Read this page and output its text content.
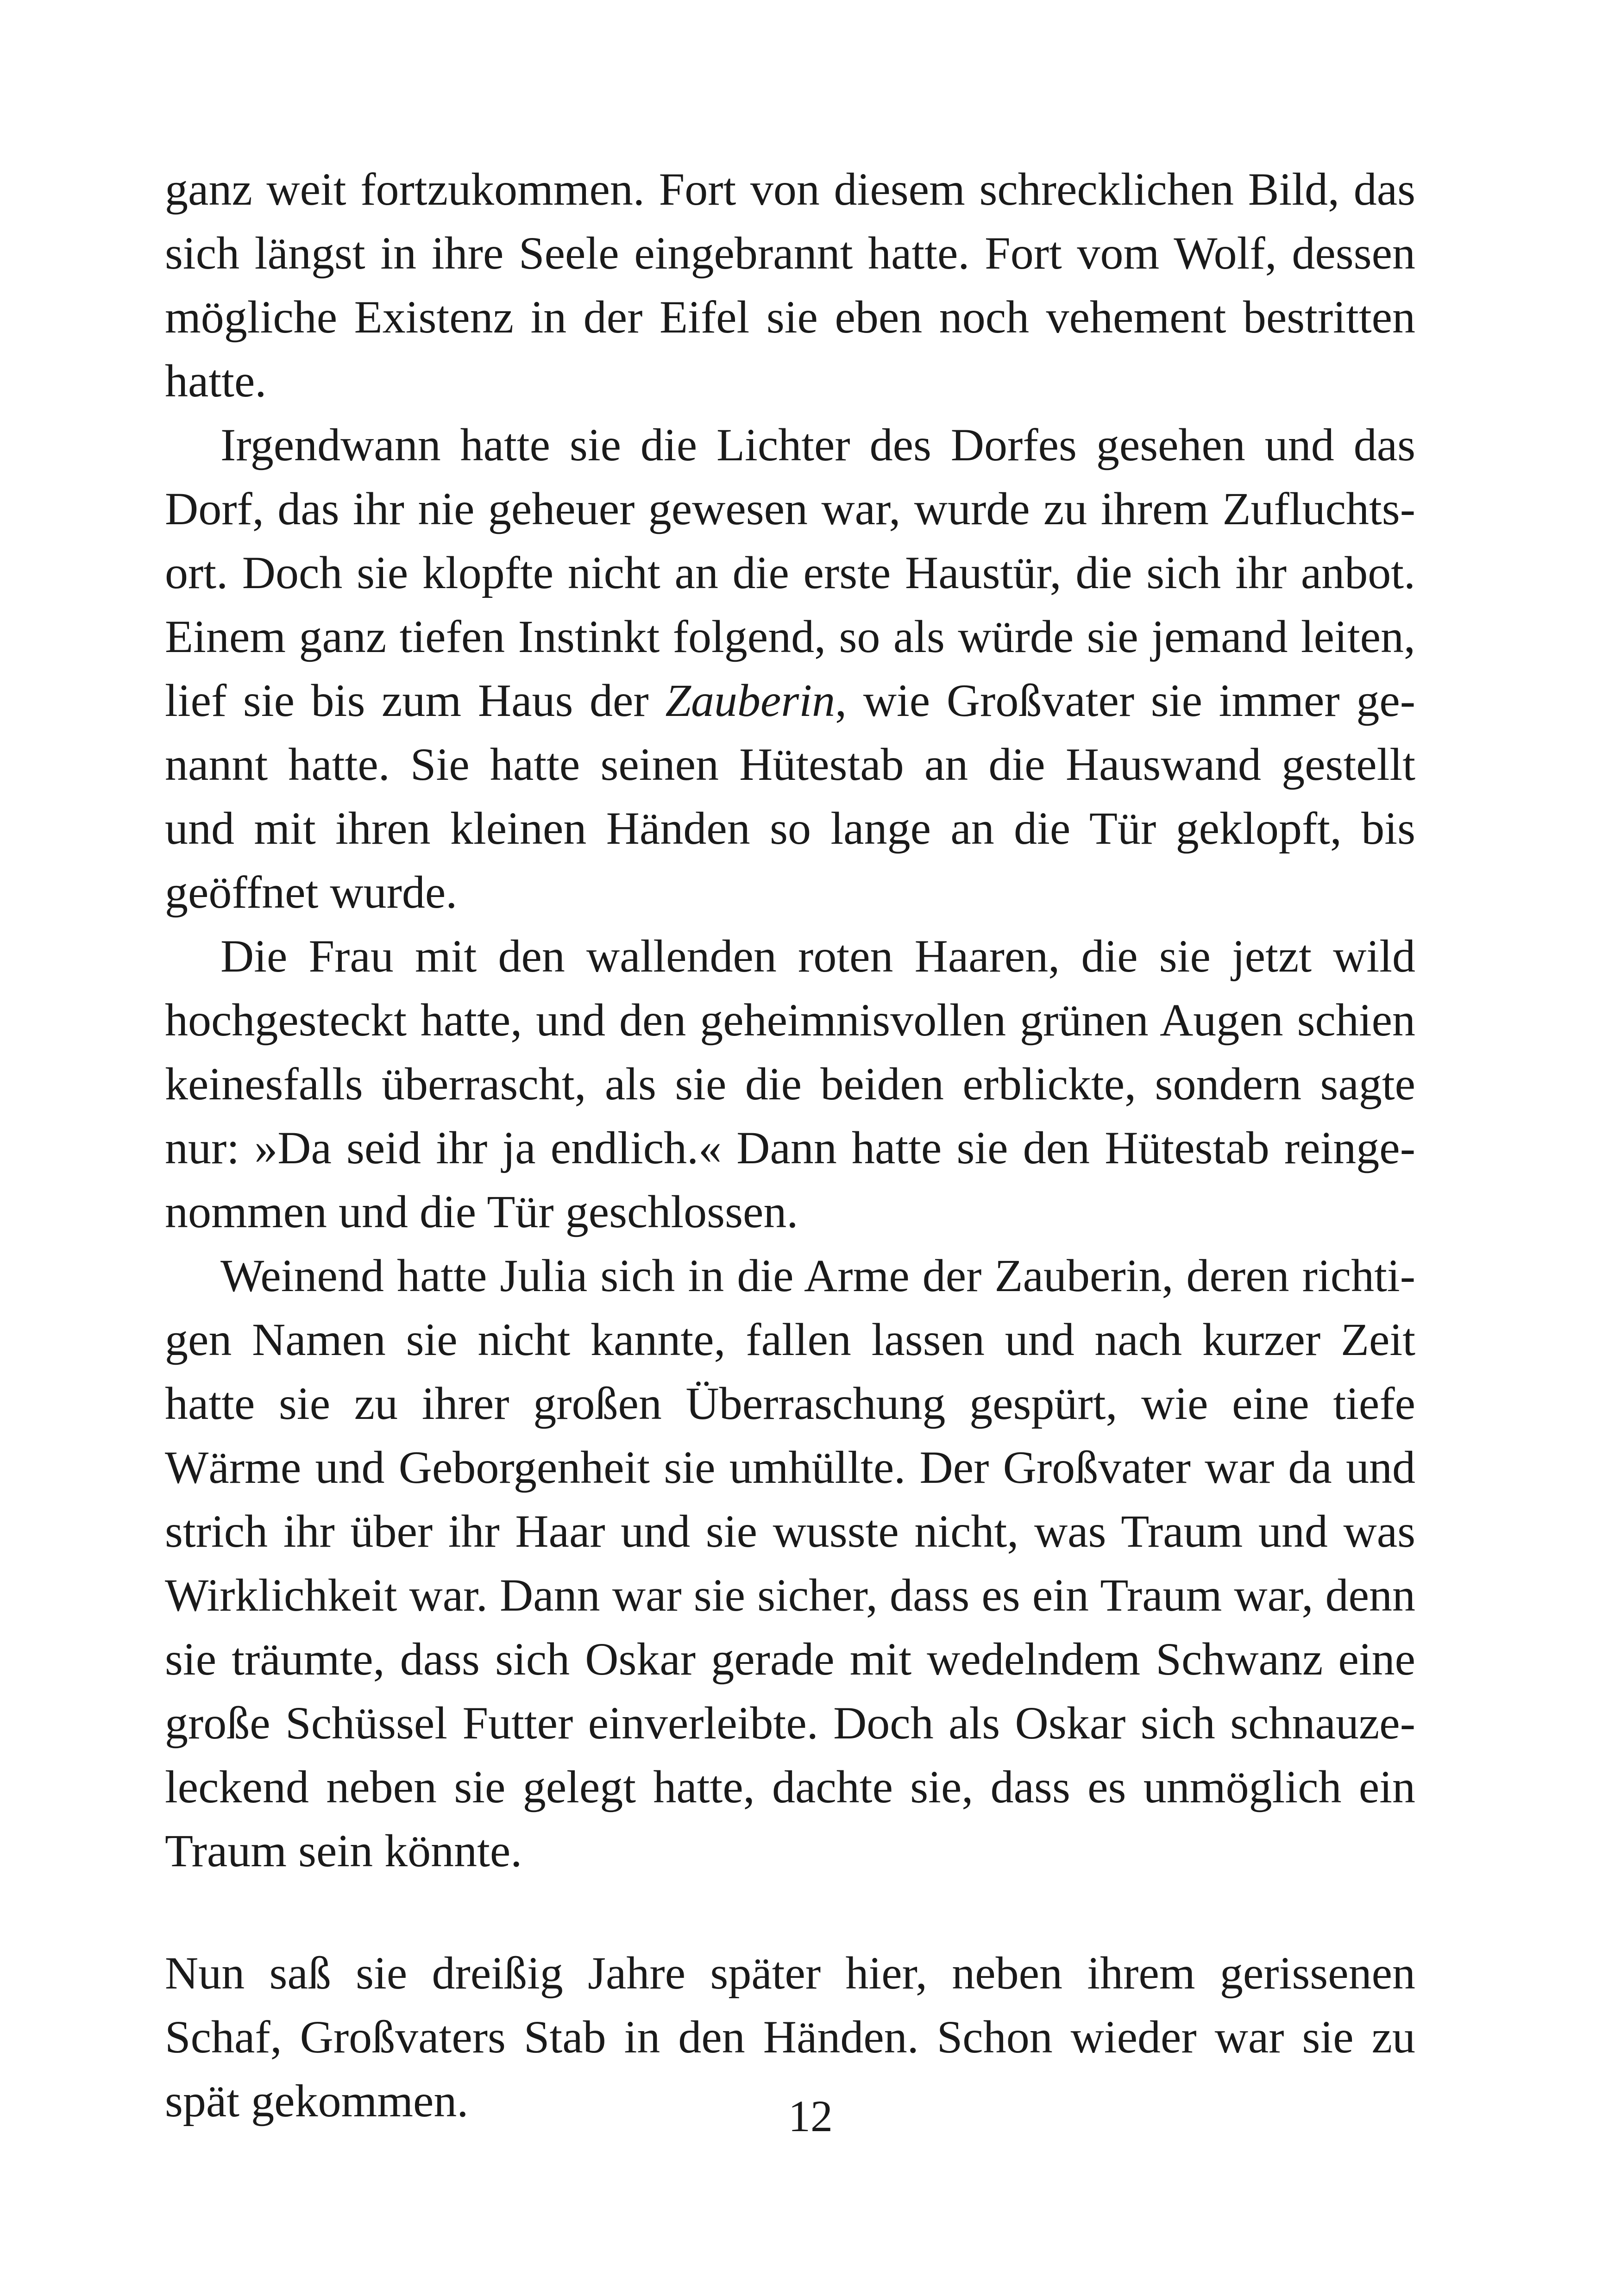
ganz weit fortzukommen. Fort von diesem schrecklichen Bild, das
sich längst in ihre Seele eingebrannt hatte. Fort vom Wolf, dessen
mögliche Existenz in der Eifel sie eben noch vehement bestritten
hatte.
Irgendwann hatte sie die Lichter des Dorfes gesehen und das
Dorf, das ihr nie geheuer gewesen war, wurde zu ihrem Zufluchts-
ort. Doch sie klopfte nicht an die erste Haustür, die sich ihr anbot.
Einem ganz tiefen Instinkt folgend, so als würde sie jemand leiten,
lief sie bis zum Haus der Zauberin, wie Großvater sie immer ge-
nannt hatte. Sie hatte seinen Hütestab an die Hauswand gestellt
und mit ihren kleinen Händen so lange an die Tür geklopft, bis
geöffnet wurde.
Die Frau mit den wallenden roten Haaren, die sie jetzt wild
hochgesteckt hatte, und den geheimnisvollen grünen Augen schien
keinesfalls überrascht, als sie die beiden erblickte, sondern sagte
nur: »Da seid ihr ja endlich.« Dann hatte sie den Hütestab reinge-
nommen und die Tür geschlossen.
Weinend hatte Julia sich in die Arme der Zauberin, deren richti-
gen Namen sie nicht kannte, fallen lassen und nach kurzer Zeit
hatte sie zu ihrer großen Überraschung gespürt, wie eine tiefe
Wärme und Geborgenheit sie umhüllte. Der Großvater war da und
strich ihr über ihr Haar und sie wusste nicht, was Traum und was
Wirklichkeit war. Dann war sie sicher, dass es ein Traum war, denn
sie träumte, dass sich Oskar gerade mit wedelndem Schwanz eine
große Schüssel Futter einverleibte. Doch als Oskar sich schnauze-
leckend neben sie gelegt hatte, dachte sie, dass es unmöglich ein
Traum sein könnte.
Nun saß sie dreißig Jahre später hier, neben ihrem gerissenen
Schaf, Großvaters Stab in den Händen. Schon wieder war sie zu
spät gekommen.	12
